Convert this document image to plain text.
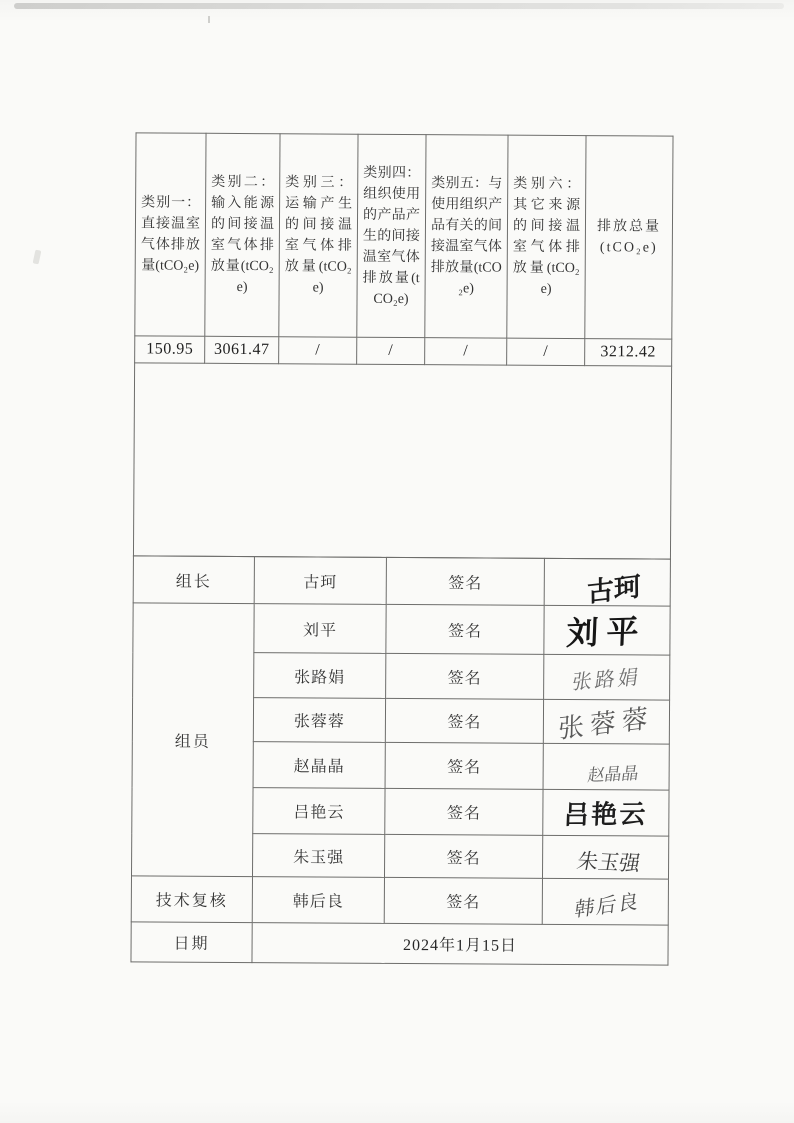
类别一：直接温室气体排放量(tCO₂e)	类别二：输入能源的间接温室气体排放量(tCO₂e)	类别三：运输产生的间接温室气体排放量(tCO₂e)	类别四：组织使用的产品产生的间接温室气体排放量(tCO₂e)	类别五：与使用组织产品有关的间接温室气体排放量(tCO₂e)	类别六：其它来源的间接温室气体排放量(tCO₂e)	排放总量(tCO₂e)
150.95	3061.47	/	/	/	/	3212.42

组长	古珂	签名	古珂
组员	刘平	签名	刘平
	张路娟	签名	张路娟
	张蓉蓉	签名	张蓉蓉
	赵晶晶	签名	赵晶晶
	吕艳云	签名	吕艳云
	朱玉强	签名	朱玉强
技术复核	韩后良	签名	韩后良
日期	2024年1月15日		
